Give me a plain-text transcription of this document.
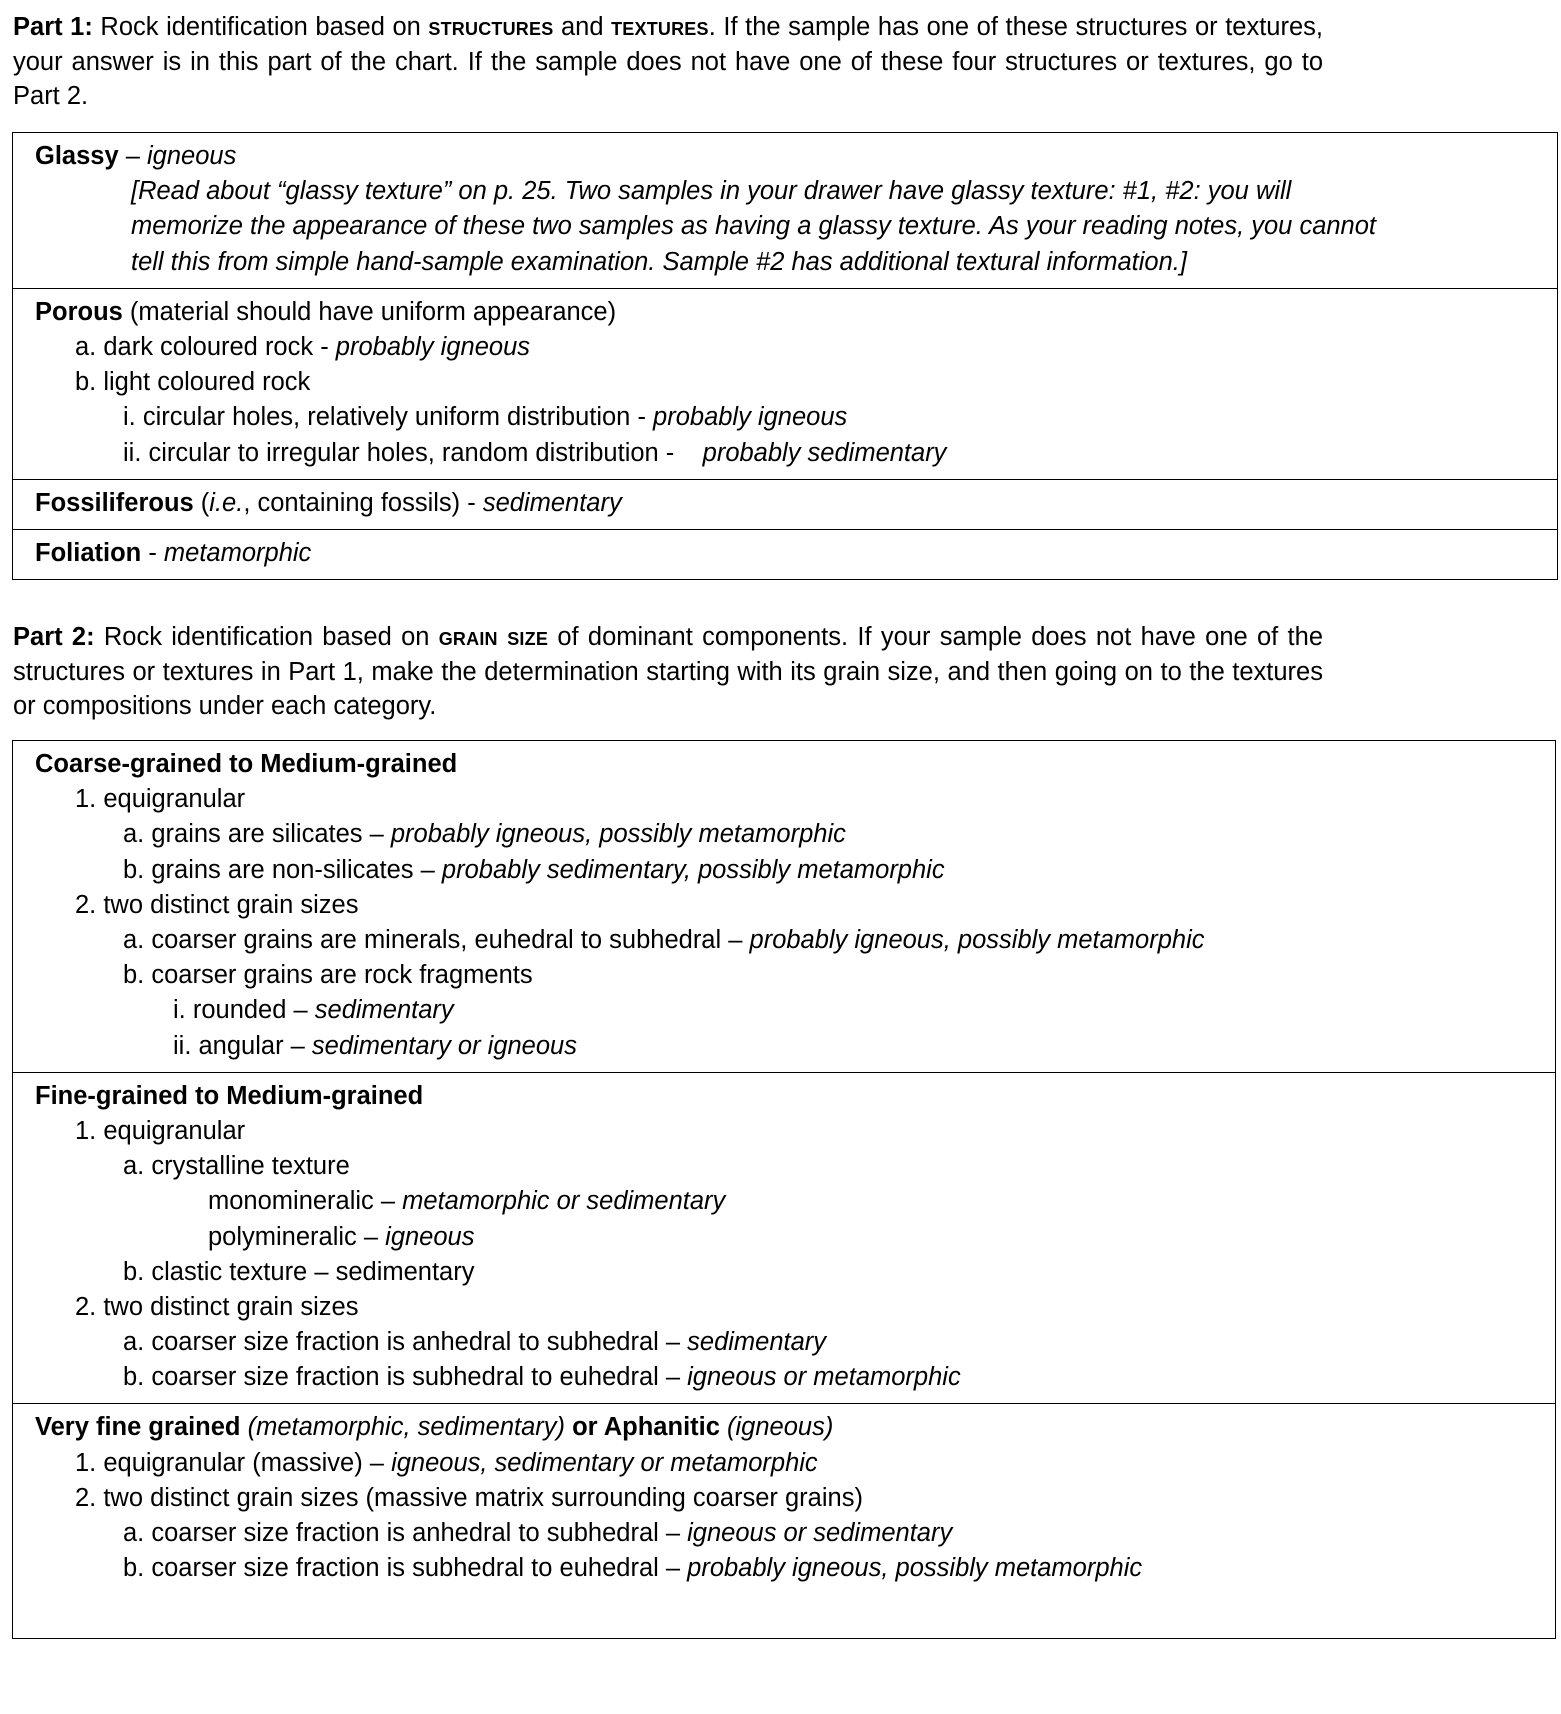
Part 1: Rock identification based on structures and textures. If the sample has one of these structures or textures, your answer is in this part of the chart. If the sample does not have one of these four structures or textures, go to Part 2.

Glassy – igneous
[Read about “glassy texture” on p. 25. Two samples in your drawer have glassy texture: #1, #2: you will
memorize the appearance of these two samples as having a glassy texture. As your reading notes, you cannot
tell this from simple hand-sample examination. Sample #2 has additional textural information.]
Porous (material should have uniform appearance)
a. dark coloured rock - probably igneous
b. light coloured rock
i. circular holes, relatively uniform distribution - probably igneous
ii. circular to irregular holes, random distribution -    probably sedimentary
Fossiliferous (i.e., containing fossils) - sedimentary
Foliation - metamorphic

Part 2: Rock identification based on grain size of dominant components. If your sample does not have one of the structures or textures in Part 1, make the determination starting with its grain size, and then going on to the textures or compositions under each category.

Coarse-grained to Medium-grained
1. equigranular
a. grains are silicates – probably igneous, possibly metamorphic
b. grains are non-silicates – probably sedimentary, possibly metamorphic
2. two distinct grain sizes
a. coarser grains are minerals, euhedral to subhedral – probably igneous, possibly metamorphic
b. coarser grains are rock fragments
i. rounded – sedimentary
ii. angular – sedimentary or igneous
Fine-grained to Medium-grained
1. equigranular
a. crystalline texture
monomineralic – metamorphic or sedimentary
polymineralic – igneous
b. clastic texture – sedimentary
2. two distinct grain sizes
a. coarser size fraction is anhedral to subhedral – sedimentary
b. coarser size fraction is subhedral to euhedral – igneous or metamorphic
Very fine grained (metamorphic, sedimentary) or Aphanitic (igneous)
1. equigranular (massive) – igneous, sedimentary or metamorphic
2. two distinct grain sizes (massive matrix surrounding coarser grains)
a. coarser size fraction is anhedral to subhedral – igneous or sedimentary
b. coarser size fraction is subhedral to euhedral – probably igneous, possibly metamorphic
